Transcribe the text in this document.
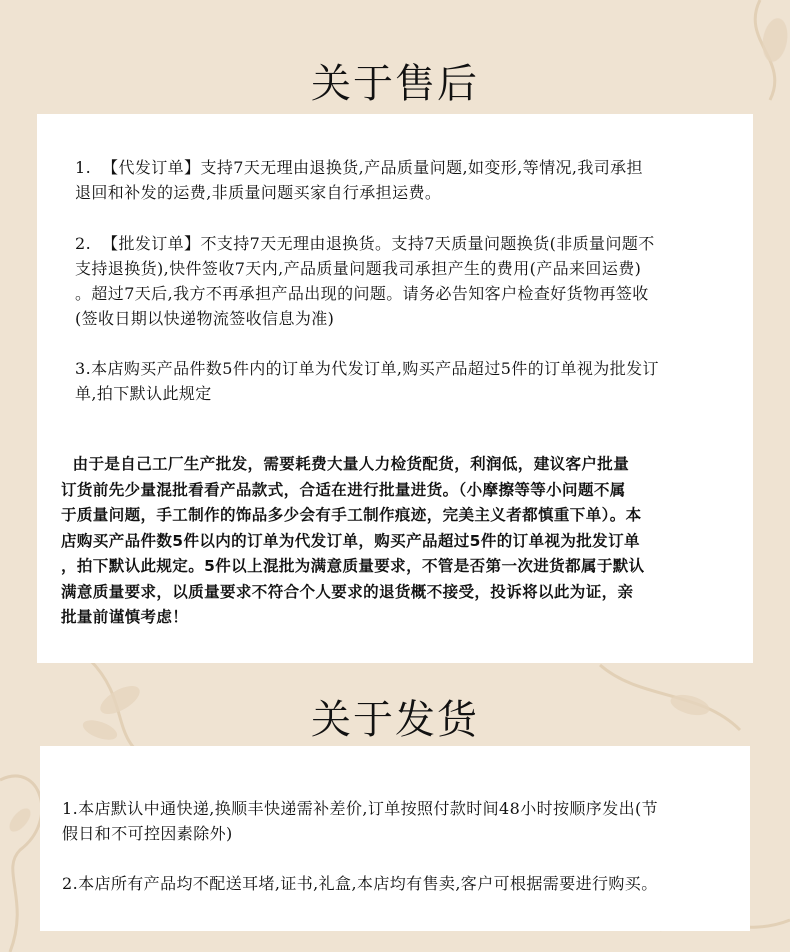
关于售后

1.  【代发订单】支持7天无理由退换货,产品质量问题,如变形,等情况,我司承担
退回和补发的运费,非质量问题买家自行承担运费。

2.  【批发订单】不支持7天无理由退换货。支持7天质量问题换货(非质量问题不
支持退换货),快件签收7天内,产品质量问题我司承担产生的费用(产品来回运费)
。超过7天后,我方不再承担产品出现的问题。请务必告知客户检查好货物再签收
(签收日期以快递物流签收信息为准)

3.本店购买产品件数5件内的订单为代发订单,购买产品超过5件的订单视为批发订
单,拍下默认此规定

由于是自己工厂生产批发，需要耗费大量人力检货配货，利润低，建议客户批量
订货前先少量混批看看产品款式，合适在进行批量进货。（小摩擦等等小问题不属
于质量问题，手工制作的饰品多少会有手工制作痕迹，完美主义者都慎重下单）。本
店购买产品件数5件以内的订单为代发订单，购买产品超过5件的订单视为批发订单
，拍下默认此规定。5件以上混批为满意质量要求，不管是否第一次进货都属于默认
满意质量要求，以质量要求不符合个人要求的退货概不接受，投诉将以此为证，亲
批量前谨慎考虑！

关于发货

1.本店默认中通快递,换顺丰快递需补差价,订单按照付款时间48小时按顺序发出(节
假日和不可控因素除外)

2.本店所有产品均不配送耳堵,证书,礼盒,本店均有售卖,客户可根据需要进行购买。
